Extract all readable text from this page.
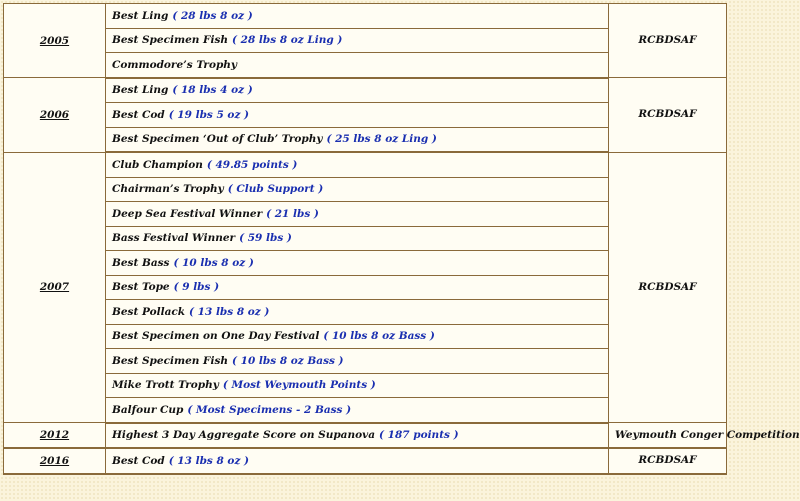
2005	Best Ling ( 28 lbs 8 oz )	RCBDSAF
	Best Specimen Fish ( 28 lbs 8 oz Ling )	
	Commodore’s Trophy	
2006	Best Ling ( 18 lbs 4 oz )	RCBDSAF
	Best Cod ( 19 lbs 5 oz )	
	Best Specimen ‘Out of Club’ Trophy ( 25 lbs 8 oz Ling )	
2007	Club Champion ( 49.85 points )	RCBDSAF
	Chairman’s Trophy ( Club Support )	
	Deep Sea Festival Winner ( 21 lbs )	
	Bass Festival Winner ( 59 lbs )	
	Best Bass ( 10 lbs 8 oz )	
	Best Tope ( 9 lbs )	
	Best Pollack ( 13 lbs 8 oz )	
	Best Specimen on One Day Festival ( 10 lbs 8 oz Bass )	
	Best Specimen Fish ( 10 lbs 8 oz Bass )	
	Mike Trott Trophy ( Most Weymouth Points )	
	Balfour Cup ( Most Specimens - 2 Bass )	
2012	Highest 3 Day Aggregate Score on Supanova ( 187 points )	Weymouth Conger Competition
2016	Best Cod ( 13 lbs 8 oz )	RCBDSAF
